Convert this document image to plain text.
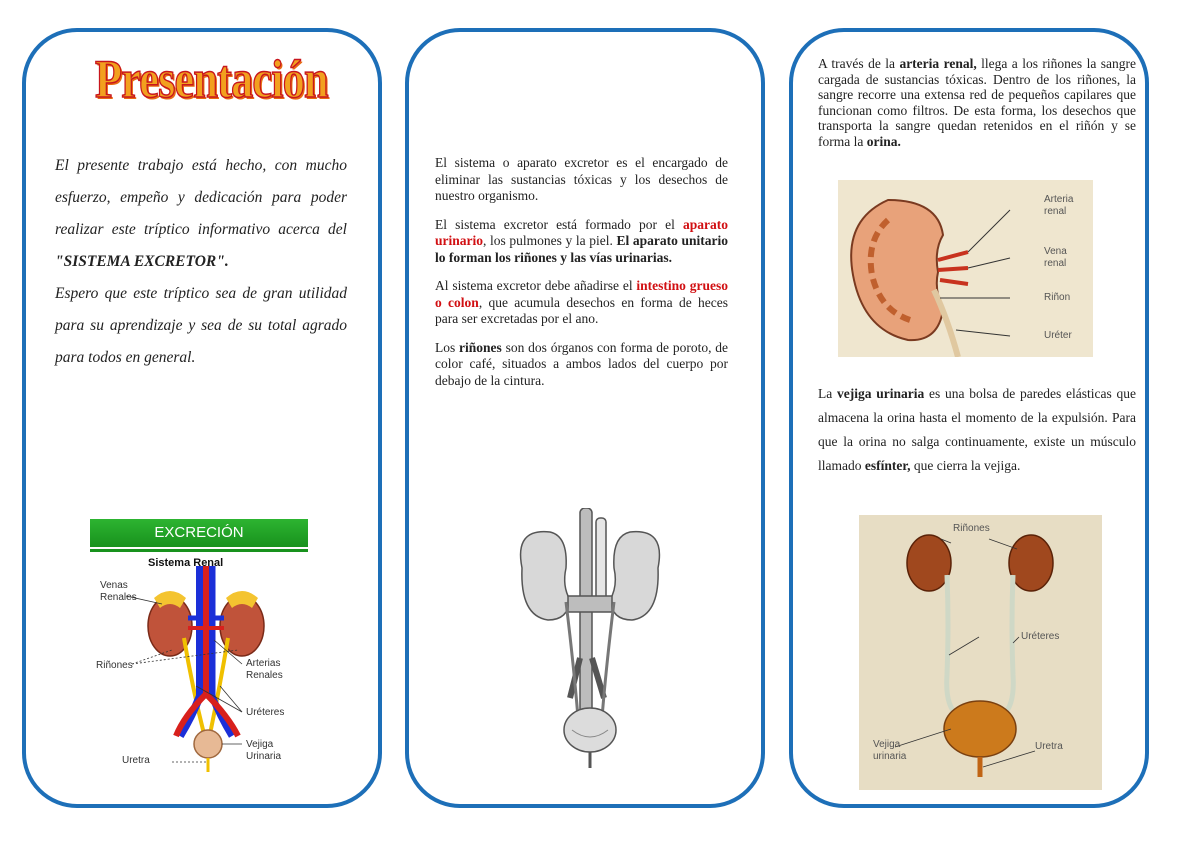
Presentación

El presente trabajo está hecho, con mucho esfuerzo, empeño y dedicación para poder realizar este tríptico informativo acerca del "SISTEMA EXCRETOR".

Espero que este tríptico sea de gran utilidad para su aprendizaje y sea de su total agrado para todos en general.

EXCRECIÓN
Sistema Renal
Venas
Renales
Riñones	Arterias
Renales
Uréteres
Uretra
Vejiga
Urinaria

El sistema o aparato excretor es el encargado de eliminar las sustancias tóxicas y los desechos de nuestro organismo.

El sistema excretor está formado por el aparato urinario, los pulmones y la piel. El aparato unitario lo forman los riñones y las vías urinarias.

Al sistema excretor debe añadirse el intestino grueso o colon, que acumula desechos en forma de heces para ser excretadas por el ano.

Los riñones son dos órganos con forma de poroto, de color café, situados a ambos lados del cuerpo por debajo de la cintura.

A través de la arteria renal, llega a los riñones la sangre cargada de sustancias tóxicas. Dentro de los riñones, la sangre recorre una extensa red de pequeños capilares que funcionan como filtros. De esta forma, los desechos que transporta la sangre quedan retenidos en el riñón y se forma la orina.

Arteria
renal
Vena
renal
Riñon
Uréter

La vejiga urinaria es una bolsa de paredes elásticas que almacena la orina hasta el momento de la expulsión. Para que la orina no salga continuamente, existe un músculo llamado esfínter, que cierra la vejiga.

Riñones
Uréteres
Vejiga
urinaria
Uretra
